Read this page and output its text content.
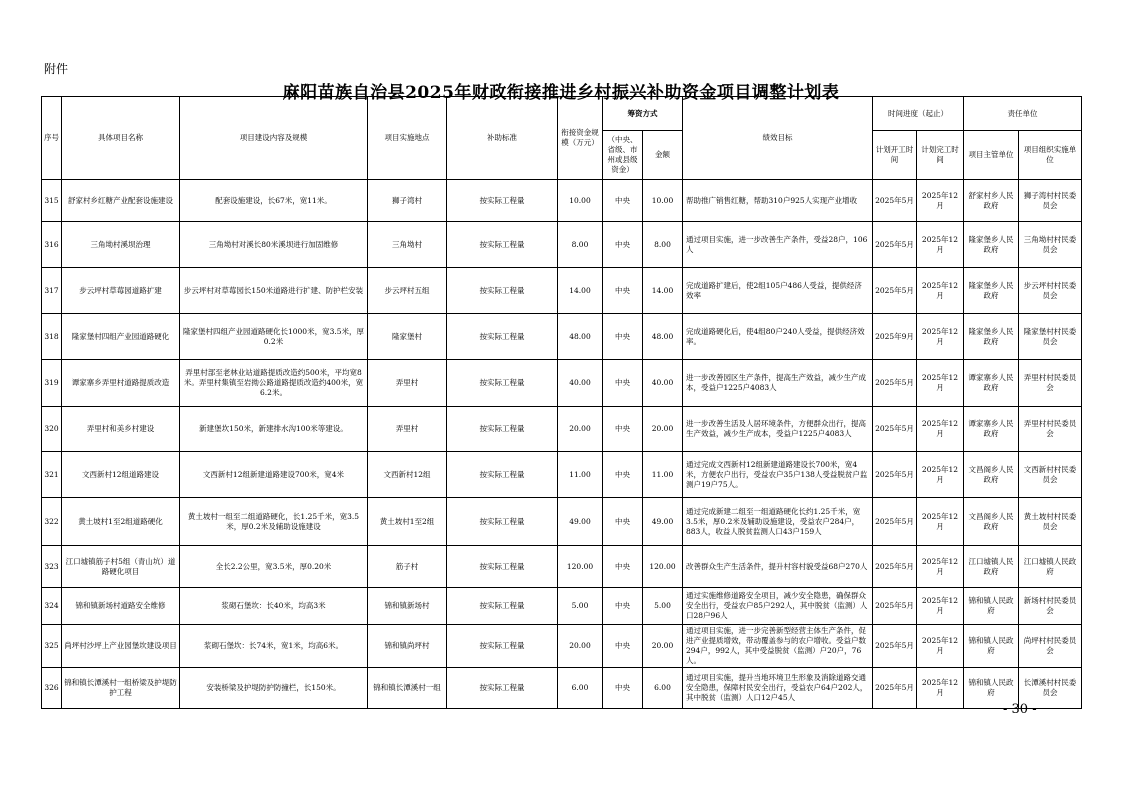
附件
麻阳苗族自治县2025年财政衔接推进乡村振兴补助资金项目调整计划表
序号	具体项目名称	项目建设内容及规模	项目实施地点	补助标准	衔接资金规模（万元）	筹资方式		绩效目标	时间进度（起止）		责任单位	
						（中央、省级、市州或县级资金）	金额		计划开工时间	计划完工时间	项目主管单位	项目组织实施单位
315	舒家村乡红糖产业配套设施建设	配套设施建设，长67米，宽11米。	狮子湾村	按实际工程量	10.00	中央	10.00	帮助推广销售红糖，帮助310户925人实现产业增收	2025年5月	2025年12月	舒家村乡人民政府	狮子湾村村民委员会
316	三角坳村溪坝治理	三角坳村对溪长80米溪坝进行加固维修	三角坳村	按实际工程量	8.00	中央	8.00	通过项目实施，进一步改善生产条件，受益28户，106人	2025年5月	2025年12月	隆家堡乡人民政府	三角坳村村民委员会
317	步云坪村草莓园道路扩建	步云坪村对草莓园长150米道路进行扩建、防护栏安装	步云坪村五组	按实际工程量	14.00	中央	14.00	完成道路扩建后，使2组105户486人受益，提供经济效率	2025年5月	2025年12月	隆家堡乡人民政府	步云坪村村民委员会
318	隆家堡村四组产业园道路硬化	隆家堡村四组产业园道路硬化长1000米，宽3.5米，厚0.2米	隆家堡村	按实际工程量	48.00	中央	48.00	完成道路硬化后，使4组80户240人受益，提供经济效率。	2025年9月	2025年12月	隆家堡乡人民政府	隆家堡村村民委员会
319	谭家寨乡弄里村道路提质改造	弄里村部至老林业站道路提质改造约500米，平均宽8米。弄里村集镇至岩拗公路道路提质改造约400米，宽6.2米。	弄里村	按实际工程量	40.00	中央	40.00	进一步改善园区生产条件，提高生产效益，减少生产成本，受益户1225户4083人	2025年5月	2025年12月	谭家寨乡人民政府	弄里村村民委员会
320	弄里村和美乡村建设	新建堡坎150米，新建排水沟100米等建设。	弄里村	按实际工程量	20.00	中央	20.00	进一步改善生活及人居环境条件，方便群众出行，提高生产效益，减少生产成本，受益户1225户4083人	2025年5月	2025年12月	谭家寨乡人民政府	弄里村村民委员会
321	文西新村12组道路建设	文西新村12组新建道路建设700米，宽4米	文西新村12组	按实际工程量	11.00	中央	11.00	通过完成文西新村12组新建道路建设长700米，宽4米，方便农户出行，受益农户35户138人受益脱贫户监测户19户75人。	2025年5月	2025年12月	文昌阁乡人民政府	文西新村村民委员会
322	黄土坡村1至2组道路硬化	黄土坡村一组至二组道路硬化，长1.25千米，宽3.5米，厚0.2米及辅助设施建设	黄土坡村1至2组	按实际工程量	49.00	中央	49.00	通过完成新建二组至一组道路硬化长约1.25千米，宽3.5米，厚0.2米及辅助设施建设，受益农户284户，883人，收益人脱贫监测人口43户159人	2025年5月	2025年12月	文昌阁乡人民政府	黄土坡村村民委员会
323	江口墟镇筋子村5组（青山坑）道路硬化项目	全长2.2公里，宽3.5米，厚0.20米	筋子村	按实际工程量	120.00	中央	120.00	改善群众生产生活条件，提升村容村貌受益68户270人	2025年5月	2025年12月	江口墟镇人民政府	江口墟镇人民政府
324	锦和镇新场村道路安全维修	浆砌石堡坎：长40米，均高3米	锦和镇新场村	按实际工程量	5.00	中央	5.00	通过实施维修道路安全项目，减少安全隐患，确保群众安全出行，受益农户85户292人，其中脱贫（监测）人口28户96人	2025年5月	2025年12月	锦和镇人民政府	新场村村民委员会
325	尚坪村沙坪上产业园堡坎建设项目	浆砌石堡坎：长74米，宽1米，均高6米。	锦和镇尚坪村	按实际工程量	20.00	中央	20.00	通过项目实施，进一步完善新型经营主体生产条件，促进产业提质增效，带动覆盖参与的农户增收。受益户数294户，992人，其中受益脱贫（监测）户20户，76人。	2025年5月	2025年12月	锦和镇人民政府	尚坪村村民委员会
326	锦和镇长潭溪村一组桥梁及护堤防护工程	安装桥梁及护堤防护防撞栏，长150米。	锦和镇长潭溪村一组	按实际工程量	6.00	中央	6.00	通过项目实施，提升当地环境卫生形象及消除道路交通安全隐患，保障村民安全出行，受益农户64户202人，其中脱贫（监测）人口12户45人	2025年5月	2025年12月	锦和镇人民政府	长潭溪村村民委员会
- 30 -
